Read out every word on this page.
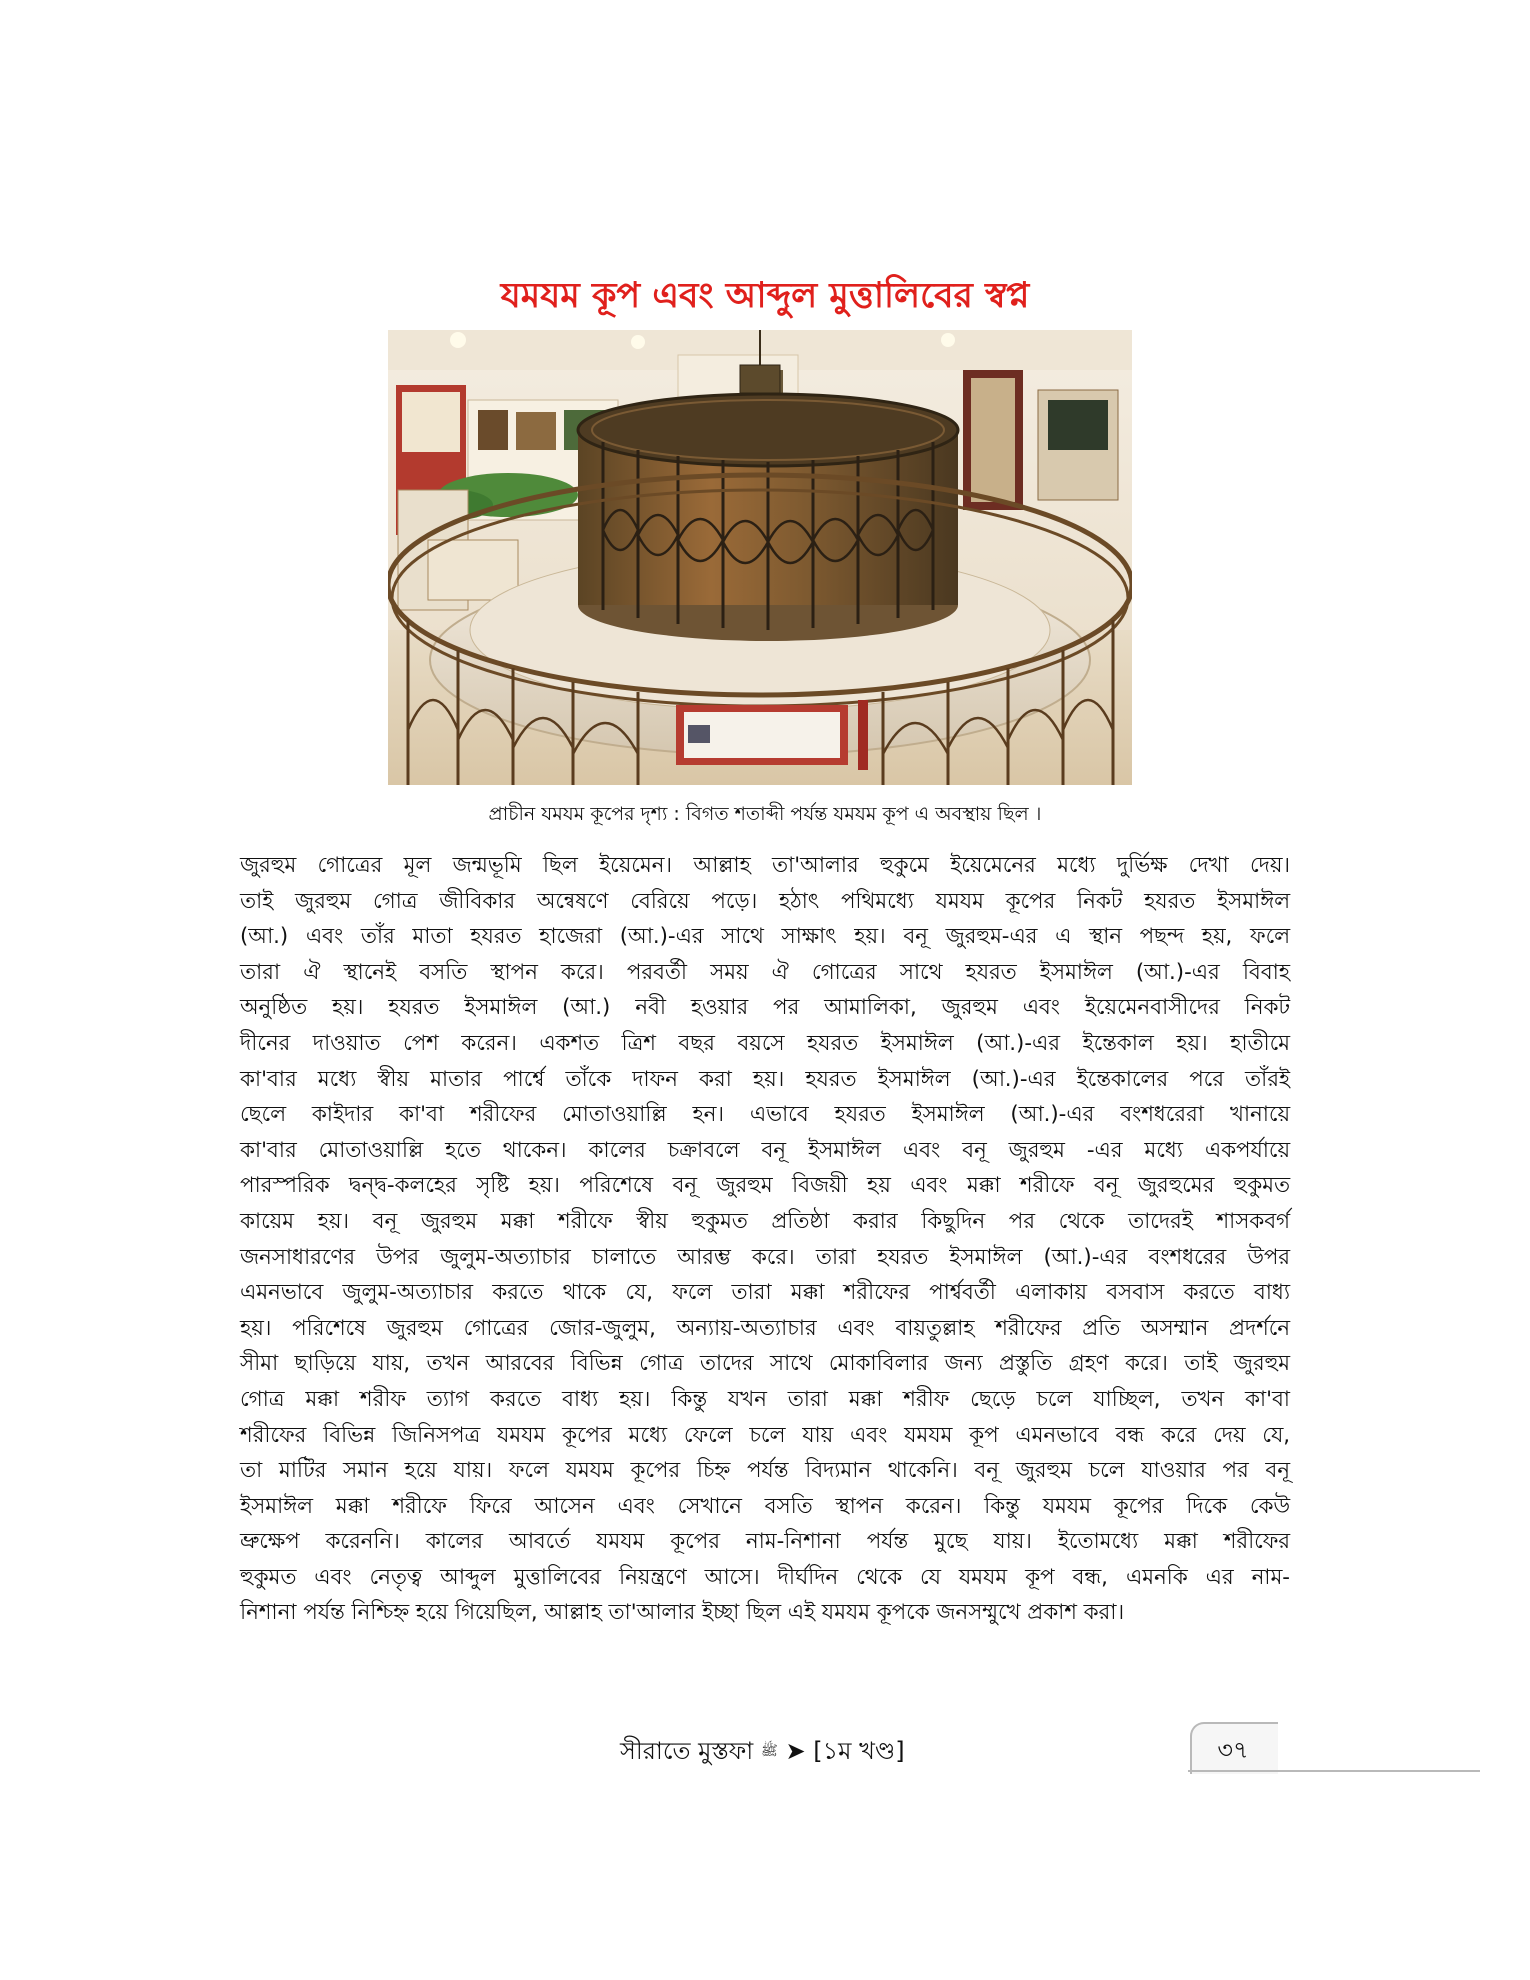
যমযম কূপ এবং আব্দুল মুত্তালিবের স্বপ্ন
প্রাচীন যমযম কূপের দৃশ্য : বিগত শতাব্দী পর্যন্ত যমযম কূপ এ অবস্থায় ছিল ।
জুরহুম গোত্রের মূল জন্মভূমি ছিল ইয়েমেন। আল্লাহ তা'আলার হুকুমে ইয়েমেনের মধ্যে দুর্ভিক্ষ দেখা দেয়।
তাই জুরহুম গোত্র জীবিকার অন্বেষণে বেরিয়ে পড়ে। হঠাৎ পথিমধ্যে যমযম কূপের নিকট হযরত ইসমাঈল
(আ.) এবং তাঁর মাতা হযরত হাজেরা (আ.)-এর সাথে সাক্ষাৎ হয়। বনূ জুরহুম-এর এ স্থান পছন্দ হয়, ফলে
তারা ঐ স্থানেই বসতি স্থাপন করে। পরবর্তী সময় ঐ গোত্রের সাথে হযরত ইসমাঈল (আ.)-এর বিবাহ
অনুষ্ঠিত হয়। হযরত ইসমাঈল (আ.) নবী হওয়ার পর আমালিকা, জুরহুম এবং ইয়েমেনবাসীদের নিকট
দীনের দাওয়াত পেশ করেন। একশত ত্রিশ বছর বয়সে হযরত ইসমাঈল (আ.)-এর ইন্তেকাল হয়। হাতীমে
কা'বার মধ্যে স্বীয় মাতার পার্শ্বে তাঁকে দাফন করা হয়। হযরত ইসমাঈল (আ.)-এর ইন্তেকালের পরে তাঁরই
ছেলে কাইদার কা'বা শরীফের মোতাওয়াল্লি হন। এভাবে হযরত ইসমাঈল (আ.)-এর বংশধরেরা খানায়ে
কা'বার মোতাওয়াল্লি হতে থাকেন। কালের চক্রাবলে বনূ ইসমাঈল এবং বনূ জুরহুম -এর মধ্যে একপর্যায়ে
পারস্পরিক দ্বন্দ্ব-কলহের সৃষ্টি হয়। পরিশেষে বনূ জুরহুম বিজয়ী হয় এবং মক্কা শরীফে বনূ জুরহুমের হুকুমত
কায়েম হয়। বনূ জুরহুম মক্কা শরীফে স্বীয় হুকুমত প্রতিষ্ঠা করার কিছুদিন পর থেকে তাদেরই শাসকবর্গ
জনসাধারণের উপর জুলুম-অত্যাচার চালাতে আরম্ভ করে। তারা হযরত ইসমাঈল (আ.)-এর বংশধরের উপর
এমনভাবে জুলুম-অত্যাচার করতে থাকে যে, ফলে তারা মক্কা শরীফের পার্শ্ববর্তী এলাকায় বসবাস করতে বাধ্য
হয়। পরিশেষে জুরহুম গোত্রের জোর-জুলুম, অন্যায়-অত্যাচার এবং বায়তুল্লাহ শরীফের প্রতি অসম্মান প্রদর্শনে
সীমা ছাড়িয়ে যায়, তখন আরবের বিভিন্ন গোত্র তাদের সাথে মোকাবিলার জন্য প্রস্তুতি গ্রহণ করে। তাই জুরহুম
গোত্র মক্কা শরীফ ত্যাগ করতে বাধ্য হয়। কিন্তু যখন তারা মক্কা শরীফ ছেড়ে চলে যাচ্ছিল, তখন কা'বা
শরীফের বিভিন্ন জিনিসপত্র যমযম কূপের মধ্যে ফেলে চলে যায় এবং যমযম কূপ এমনভাবে বন্ধ করে দেয় যে,
তা মাটির সমান হয়ে যায়। ফলে যমযম কূপের চিহ্ন পর্যন্ত বিদ্যমান থাকেনি। বনূ জুরহুম চলে যাওয়ার পর বনূ
ইসমাঈল মক্কা শরীফে ফিরে আসেন এবং সেখানে বসতি স্থাপন করেন। কিন্তু যমযম কূপের দিকে কেউ
ভ্রুক্ষেপ করেননি। কালের আবর্তে যমযম কূপের নাম-নিশানা পর্যন্ত মুছে যায়। ইতোমধ্যে মক্কা শরীফের
হুকুমত এবং নেতৃত্ব আব্দুল মুত্তালিবের নিয়ন্ত্রণে আসে। দীর্ঘদিন থেকে যে যমযম কূপ বন্ধ, এমনকি এর নাম-
নিশানা পর্যন্ত নিশ্চিহ্ন হয়ে গিয়েছিল, আল্লাহ তা'আলার ইচ্ছা ছিল এই যমযম কূপকে জনসম্মুখে প্রকাশ করা।
সীরাতে মুস্তফা ﷺ ➤ [১ম খণ্ড]	৩৭
